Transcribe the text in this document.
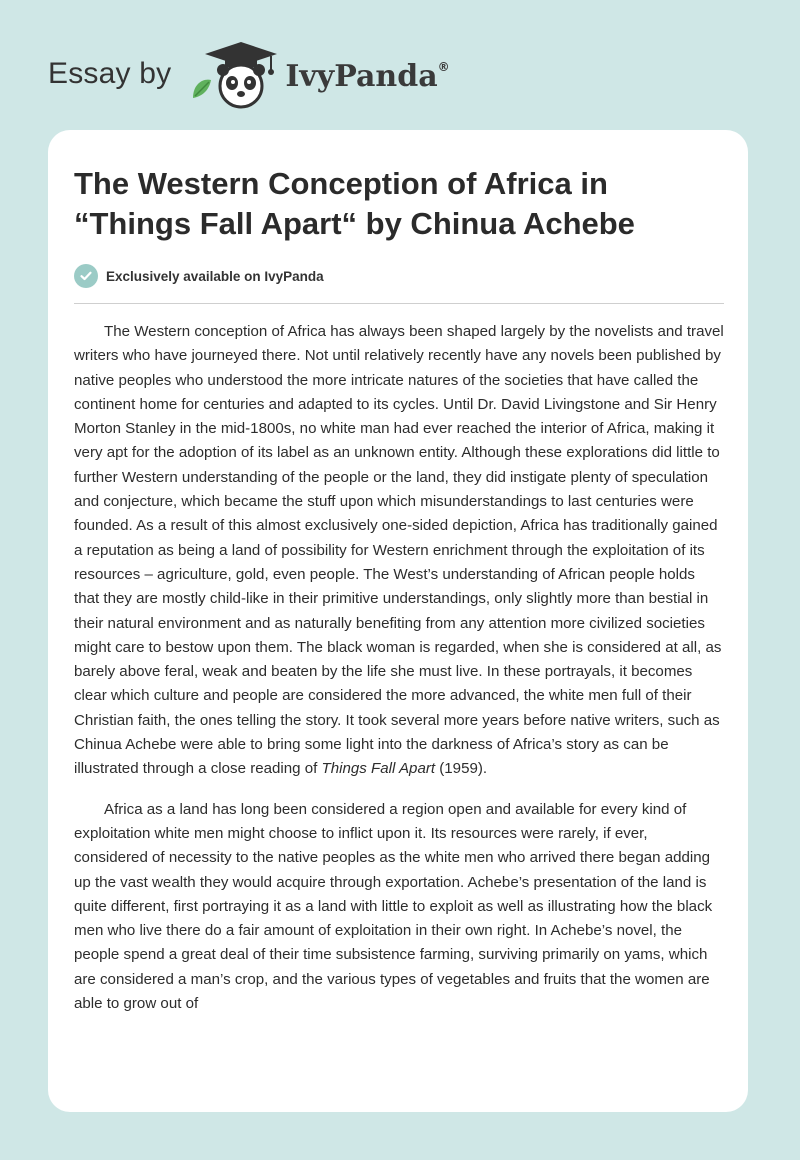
Essay by	IvyPanda®
The Western Conception of Africa in “Things Fall Apart“ by Chinua Achebe
Exclusively available on IvyPanda

The Western conception of Africa has always been shaped largely by the novelists and travel writers who have journeyed there. Not until relatively recently have any novels been published by native peoples who understood the more intricate natures of the societies that have called the continent home for centuries and adapted to its cycles. Until Dr. David Livingstone and Sir Henry Morton Stanley in the mid-1800s, no white man had ever reached the interior of Africa, making it very apt for the adoption of its label as an unknown entity. Although these explorations did little to further Western understanding of the people or the land, they did instigate plenty of speculation and conjecture, which became the stuff upon which misunderstandings to last centuries were founded. As a result of this almost exclusively one-sided depiction, Africa has traditionally gained a reputation as being a land of possibility for Western enrichment through the exploitation of its resources – agriculture, gold, even people. The West’s understanding of African people holds that they are mostly child-like in their primitive understandings, only slightly more than bestial in their natural environment and as naturally benefiting from any attention more civilized societies might care to bestow upon them. The black woman is regarded, when she is considered at all, as barely above feral, weak and beaten by the life she must live. In these portrayals, it becomes clear which culture and people are considered the more advanced, the white men full of their Christian faith, the ones telling the story. It took several more years before native writers, such as Chinua Achebe were able to bring some light into the darkness of Africa’s story as can be illustrated through a close reading of Things Fall Apart (1959).

Africa as a land has long been considered a region open and available for every kind of exploitation white men might choose to inflict upon it. Its resources were rarely, if ever, considered of necessity to the native peoples as the white men who arrived there began adding up the vast wealth they would acquire through exportation. Achebe’s presentation of the land is quite different, first portraying it as a land with little to exploit as well as illustrating how the black men who live there do a fair amount of exploitation in their own right. In Achebe’s novel, the people spend a great deal of their time subsistence farming, surviving primarily on yams, which are considered a man’s crop, and the various types of vegetables and fruits that the women are able to grow out of
